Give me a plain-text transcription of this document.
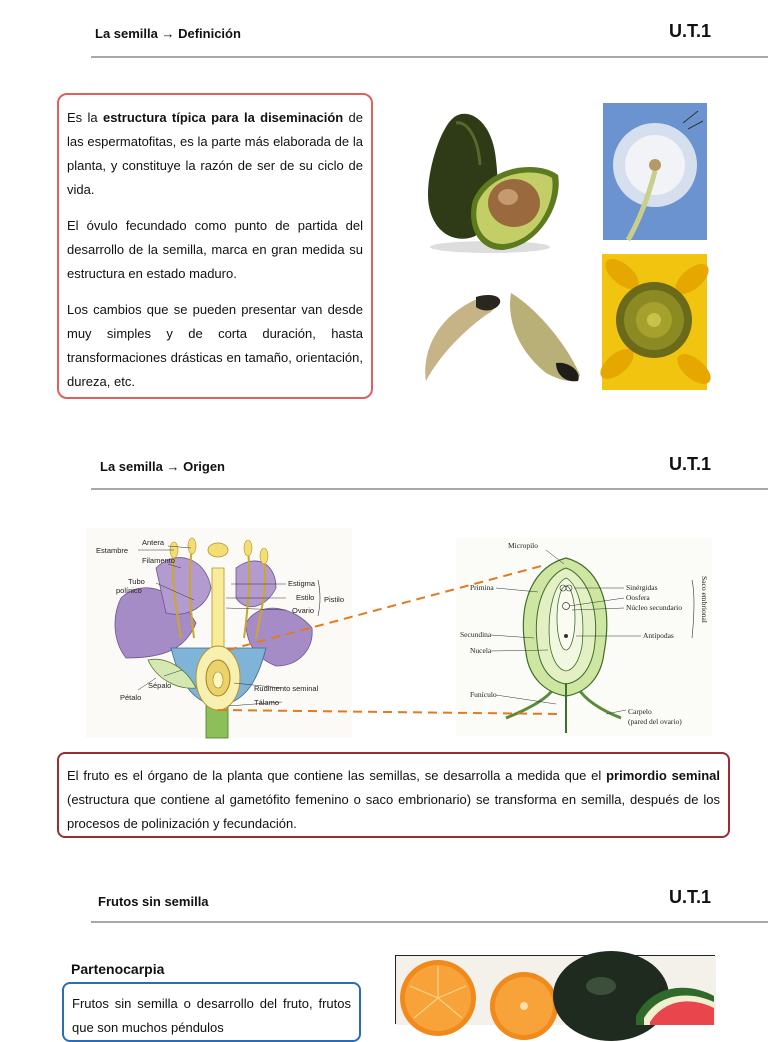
La semilla → Definición	U.T.1

Es la estructura típica para la diseminación de las espermatofitas, es la parte más elaborada de la planta, y constituye la razón de ser de su ciclo de vida.

El óvulo fecundado como punto de partida del desarrollo de la semilla, marca en gran medida su estructura en estado maduro.

Los cambios que se pueden presentar van desde muy simples y de corta duración, hasta transformaciones drásticas en tamaño, orientación, dureza, etc.

La semilla → Origen	U.T.1
Estambre
Antera
Filamento
Tubo
polínico
Estigma
Estilo
Ovario
Pistilo
Sépalo
Pétalo
Rudimento seminal
Tálamo
Micropilo
Primina	Sinérgidas
Oosfera
Núcleo secundario Saco embrional
Secundina
Nucela
Antípodas
Funículo
Carpelo
(pared del ovario)

El fruto es el órgano de la planta que contiene las semillas, se desarrolla a medida que el primordio seminal (estructura que contiene al gametófito femenino o saco embrionario) se transforma en semilla, después de los procesos de polinización y fecundación.

Frutos sin semilla	U.T.1
Partenocarpia

Frutos sin semilla o desarrollo del fruto, frutos que son muchos péndulos
